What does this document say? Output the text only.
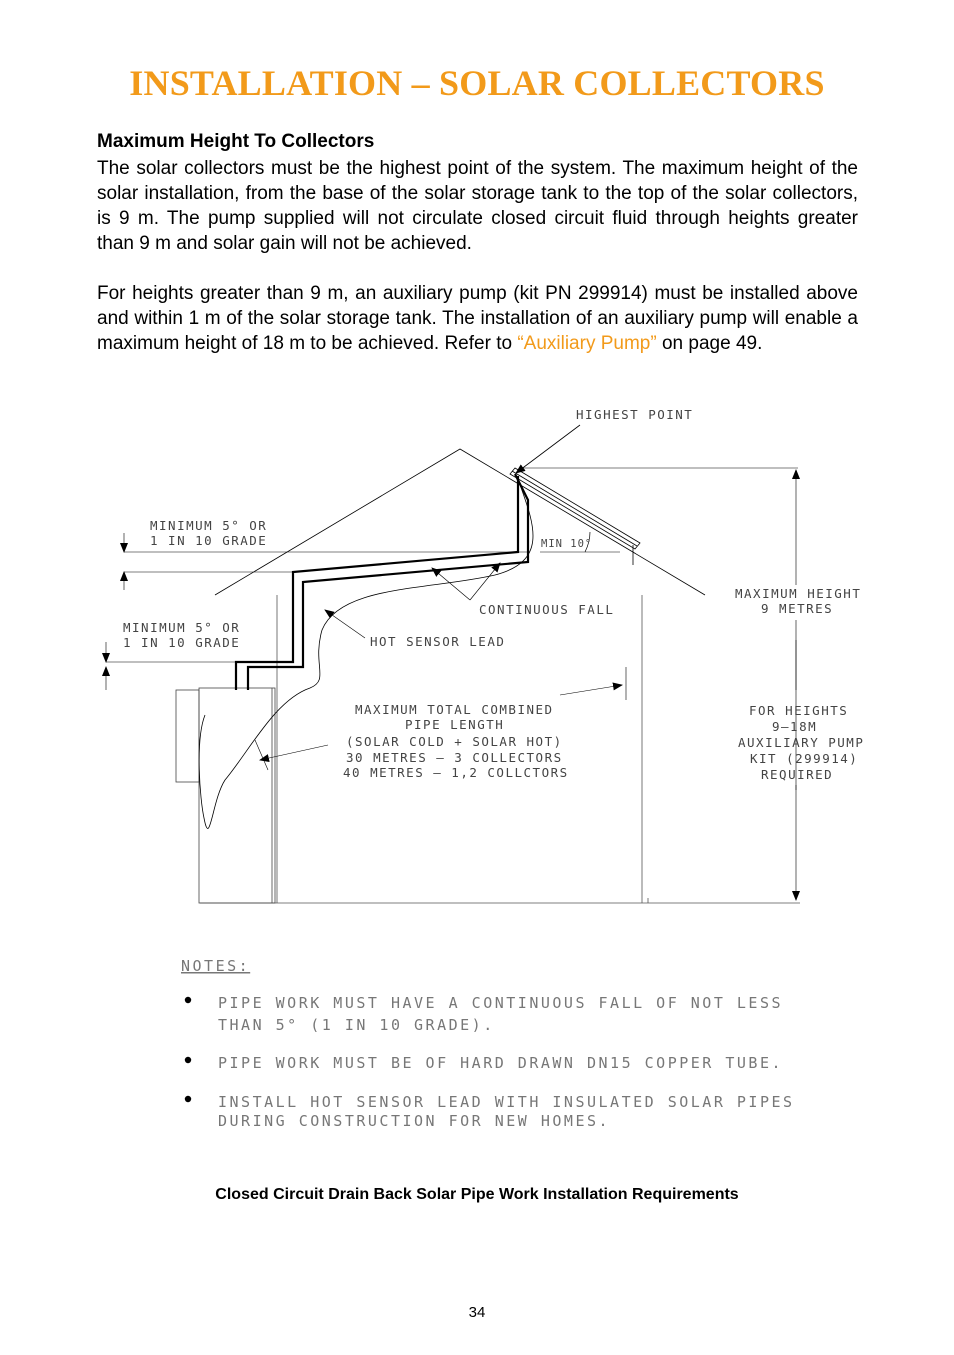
INSTALLATION – SOLAR COLLECTORS
Maximum Height To Collectors

The solar collectors must be the highest point of the system. The maximum height of the solar installation, from the base of the solar storage tank to the top of the solar collectors, is 9 m. The pump supplied will not circulate closed circuit fluid through heights greater than 9 m and solar gain will not be achieved.

For heights greater than 9 m, an auxiliary pump (kit PN 299914) must be installed above and within 1 m of the solar storage tank. The installation of an auxiliary pump will enable a maximum height of 18 m to be achieved. Refer to “Auxiliary Pump” on page 49.

HIGHEST POINT
MINIMUM 5° OR
1 IN 10 GRADE
MINIMUM 5° OR
1 IN 10 GRADE
MIN 10°
CONTINUOUS FALL
HOT SENSOR LEAD
MAXIMUM HEIGHT
9 METRES
MAXIMUM TOTAL COMBINED
PIPE LENGTH
(SOLAR COLD + SOLAR HOT)
30 METRES – 3 COLLECTORS
40 METRES – 1,2 COLLCTORS
FOR HEIGHTS
9–18M
AUXILIARY PUMP
KIT (299914)
REQUIRED
NOTES:
PIPE WORK MUST HAVE A CONTINUOUS FALL OF NOT LESS
THAN 5° (1 IN 10 GRADE).
PIPE WORK MUST BE OF HARD DRAWN DN15 COPPER TUBE.
INSTALL HOT SENSOR LEAD WITH INSULATED SOLAR PIPES
DURING CONSTRUCTION FOR NEW HOMES.
Closed Circuit Drain Back Solar Pipe Work Installation Requirements
34
